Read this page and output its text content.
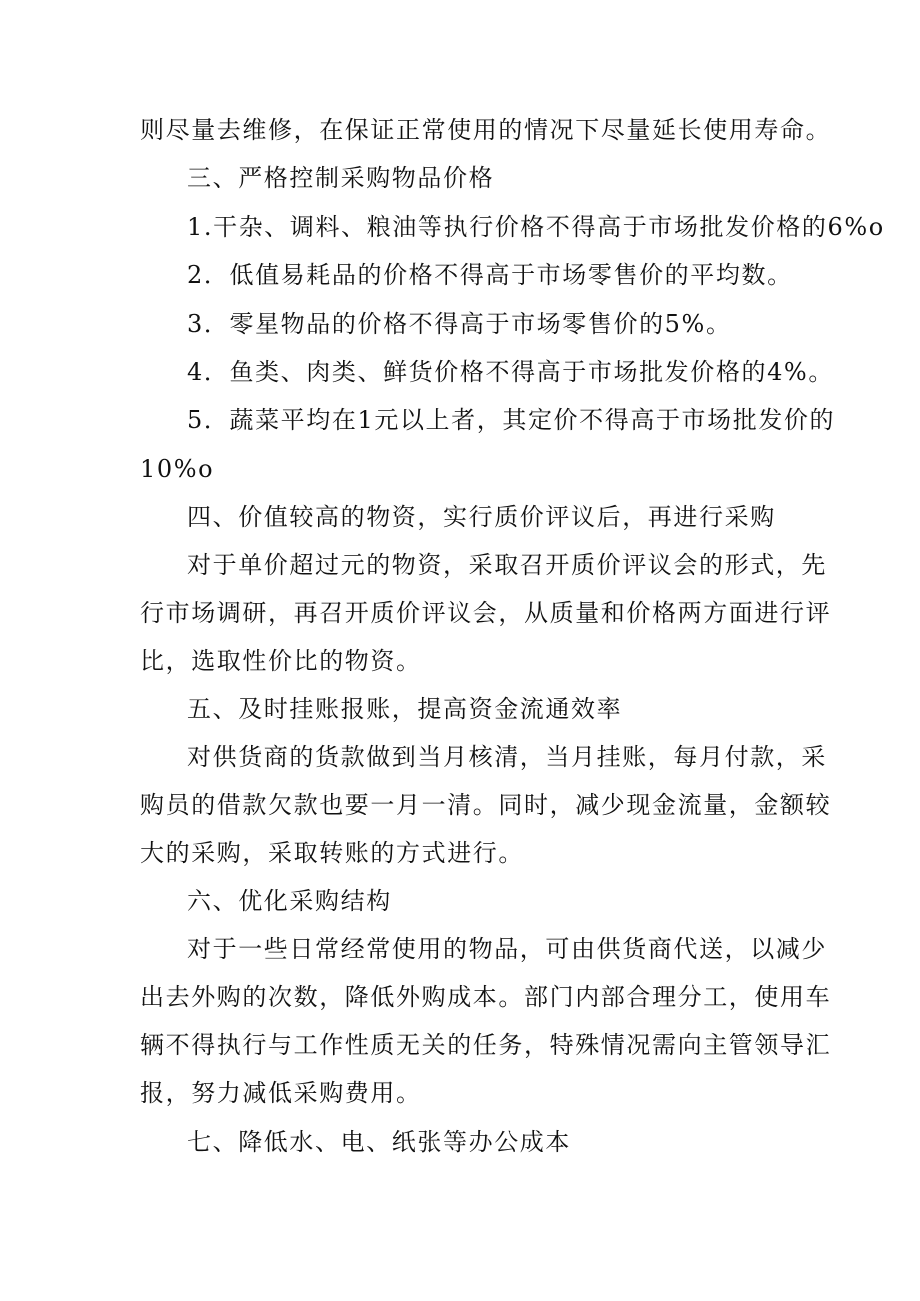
则尽量去维修，在保证正常使用的情况下尽量延长使用寿命。
三、严格控制采购物品价格
1.干杂、调料、粮油等执行价格不得高于市场批发价格的6%o
2．低值易耗品的价格不得高于市场零售价的平均数。
3．零星物品的价格不得高于市场零售价的5%。
4．鱼类、肉类、鲜货价格不得高于市场批发价格的4%。
5．蔬菜平均在1元以上者，其定价不得高于市场批发价的
10%o
四、价值较高的物资，实行质价评议后，再进行采购
对于单价超过元的物资，采取召开质价评议会的形式，先
行市场调研，再召开质价评议会，从质量和价格两方面进行评
比，选取性价比的物资。
五、及时挂账报账，提高资金流通效率
对供货商的货款做到当月核清，当月挂账，每月付款，采
购员的借款欠款也要一月一清。同时，减少现金流量，金额较
大的采购，采取转账的方式进行。
六、优化采购结构
对于一些日常经常使用的物品，可由供货商代送，以减少
出去外购的次数，降低外购成本。部门内部合理分工，使用车
辆不得执行与工作性质无关的任务，特殊情况需向主管领导汇
报，努力减低采购费用。
七、降低水、电、纸张等办公成本
